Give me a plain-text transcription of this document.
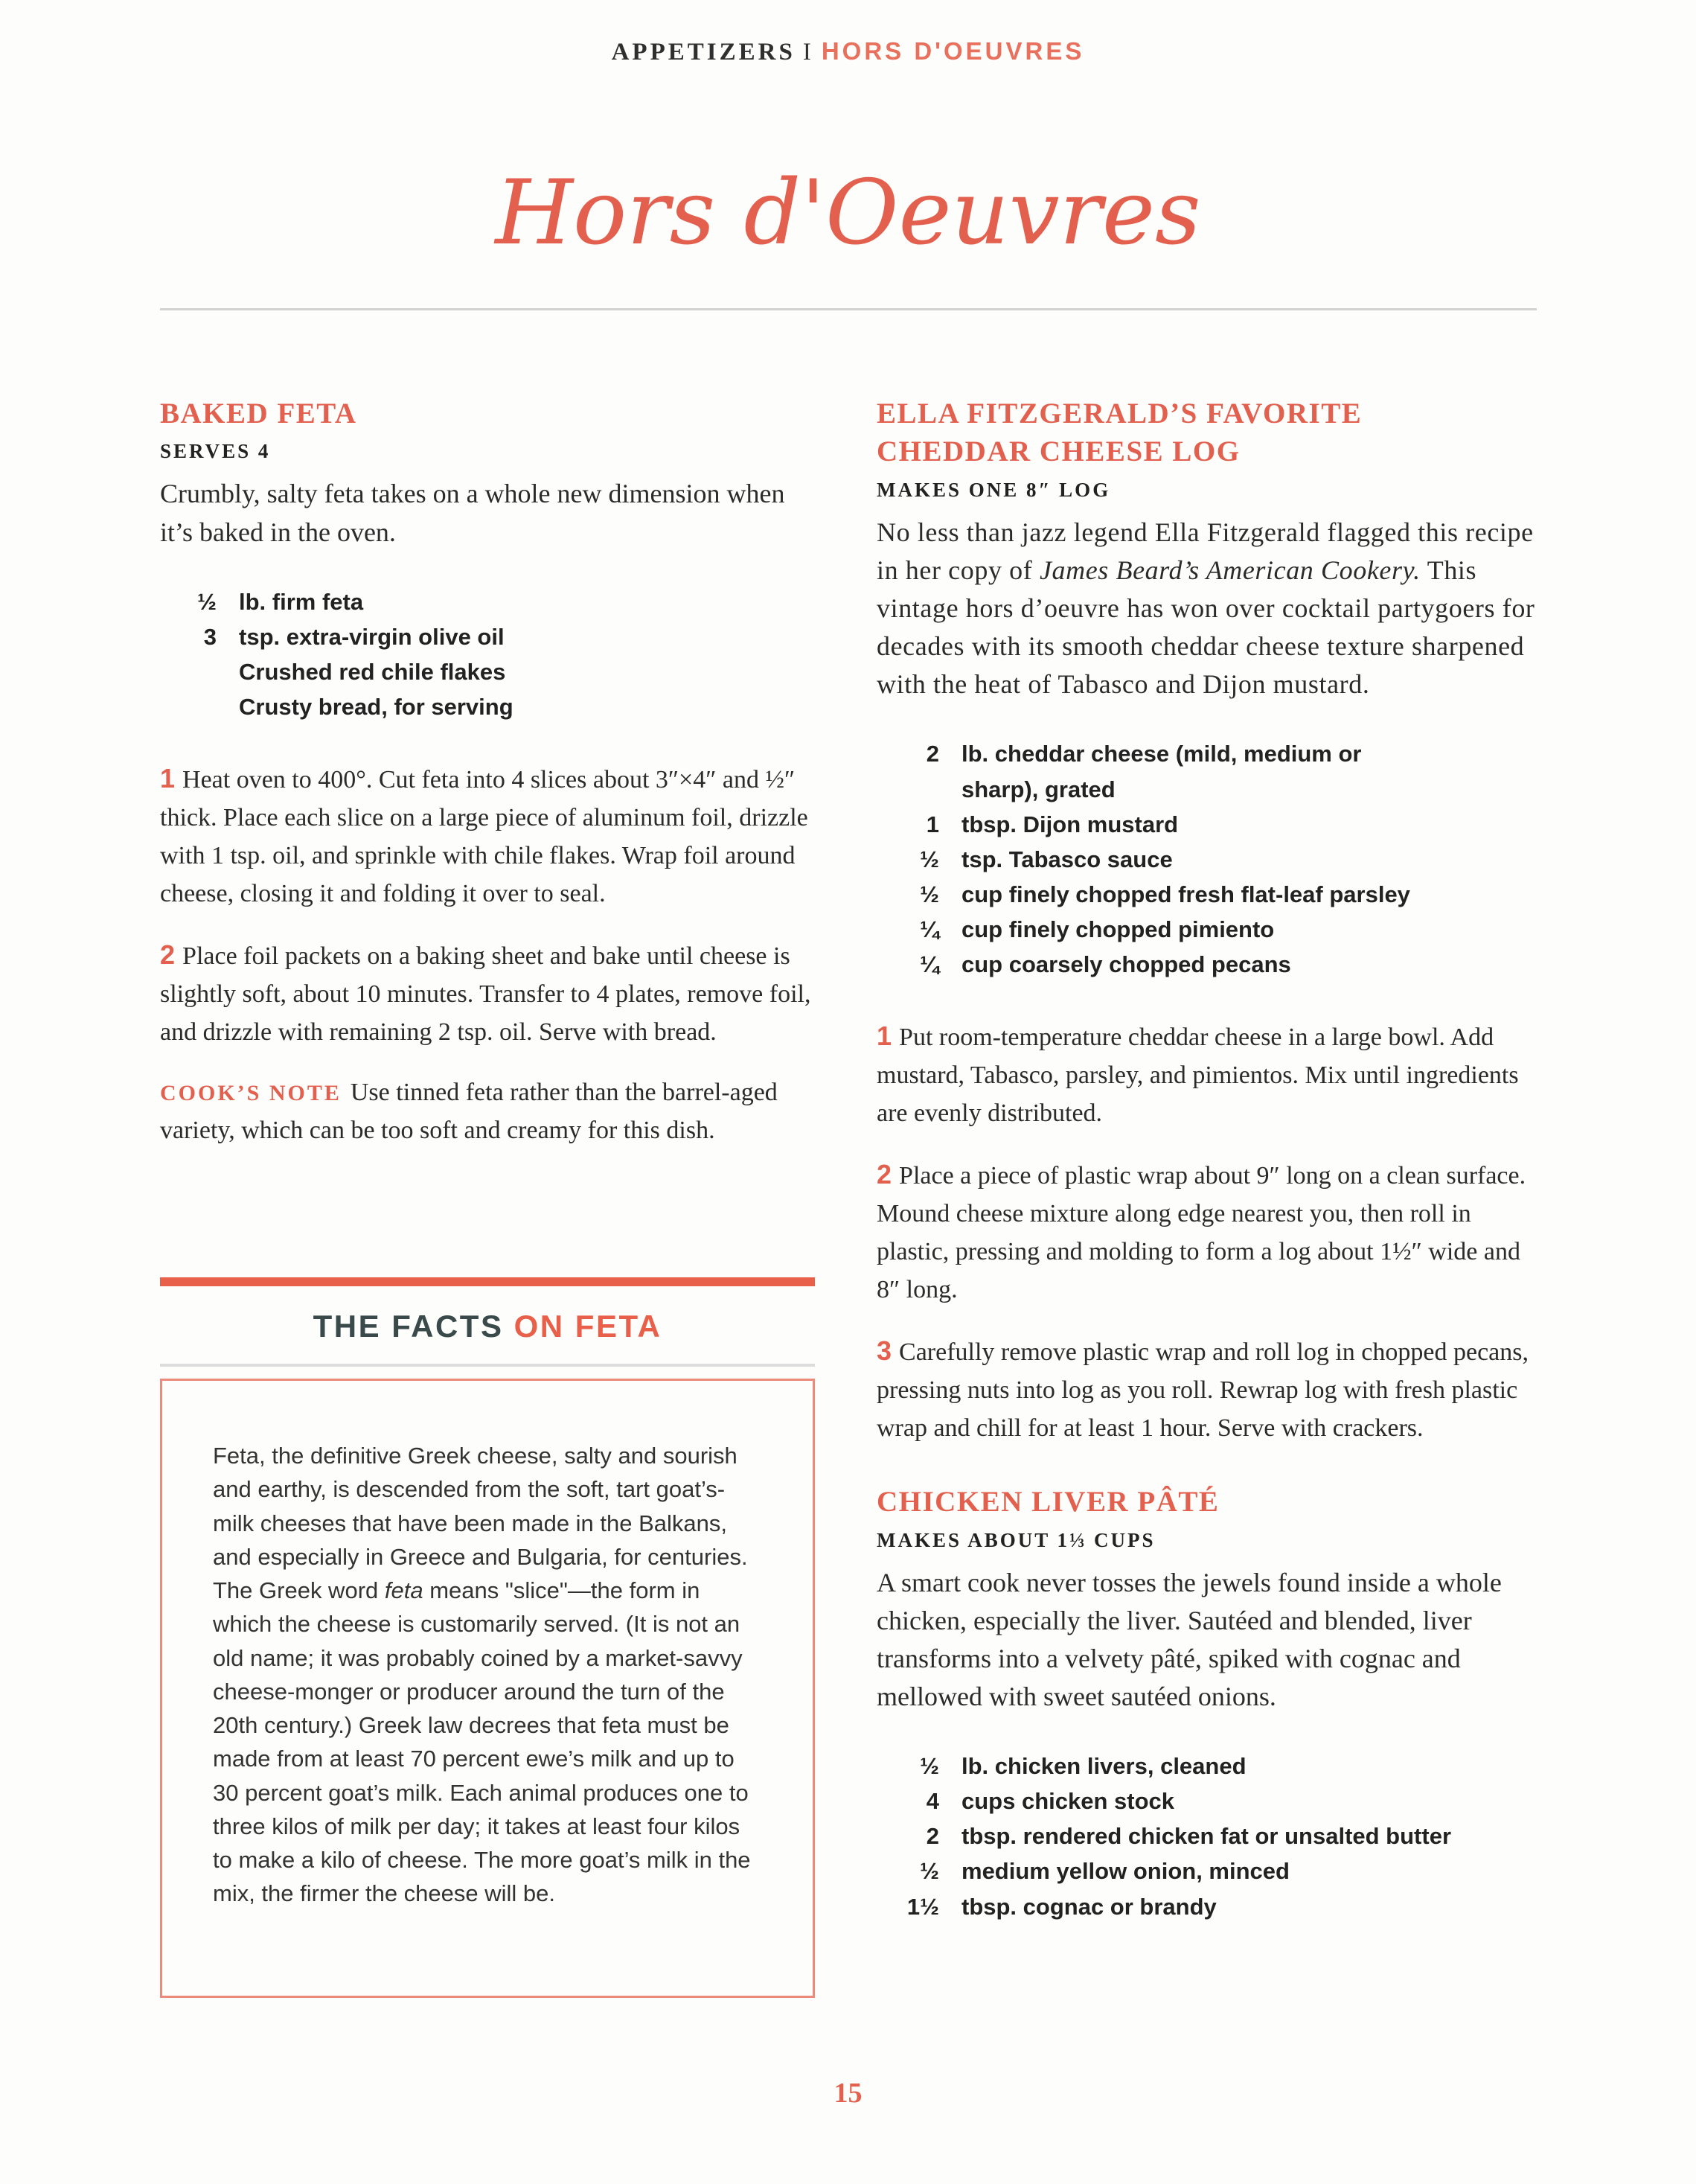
APPETIZERS I HORS D'OEUVRES
Hors d'Oeuvres
BAKED FETA
SERVES 4

Crumbly, salty feta takes on a whole new dimension when it’s baked in the oven.

½ lb. firm feta
3 tsp. extra-virgin olive oil
Crushed red chile flakes
Crusty bread, for serving

1 Heat oven to 400°. Cut feta into 4 slices about 3″×4″ and ½″ thick. Place each slice on a large piece of aluminum foil, drizzle with 1 tsp. oil, and sprinkle with chile flakes. Wrap foil around cheese, closing it and folding it over to seal.

2 Place foil packets on a baking sheet and bake until cheese is slightly soft, about 10 minutes. Transfer to 4 plates, remove foil, and drizzle with remaining 2 tsp. oil. Serve with bread.

COOK’S NOTE Use tinned feta rather than the barrel-aged variety, which can be too soft and creamy for this dish.

THE FACTS ON FETA
Feta, the definitive Greek cheese, salty and sourish and earthy, is descended from the soft, tart goat’s-milk cheeses that have been made in the Balkans, and especially in Greece and Bulgaria, for centuries. The Greek word feta means "slice"—the form in which the cheese is customarily served. (It is not an old name; it was probably coined by a market-savvy cheese-monger or producer around the turn of the 20th century.) Greek law decrees that feta must be made from at least 70 percent ewe’s milk and up to 30 percent goat’s milk. Each animal produces one to three kilos of milk per day; it takes at least four kilos to make a kilo of cheese. The more goat’s milk in the mix, the firmer the cheese will be.
ELLA FITZGERALD’S FAVORITE
CHEDDAR CHEESE LOG
MAKES ONE 8″ LOG

No less than jazz legend Ella Fitzgerald flagged this recipe in her copy of James Beard’s American Cookery. This vintage hors d’oeuvre has won over cocktail partygoers for decades with its smooth cheddar cheese texture sharpened with the heat of Tabasco and Dijon mustard.

2 lb. cheddar cheese (mild, medium or sharp), grated
1 tbsp. Dijon mustard
½ tsp. Tabasco sauce
½ cup finely chopped fresh flat-leaf parsley
¼ cup finely chopped pimiento
¼ cup coarsely chopped pecans

1 Put room-temperature cheddar cheese in a large bowl. Add mustard, Tabasco, parsley, and pimientos. Mix until ingredients are evenly distributed.

2 Place a piece of plastic wrap about 9″ long on a clean surface. Mound cheese mixture along edge nearest you, then roll in plastic, pressing and molding to form a log about 1½″ wide and 8″ long.

3 Carefully remove plastic wrap and roll log in chopped pecans, pressing nuts into log as you roll. Rewrap log with fresh plastic wrap and chill for at least 1 hour. Serve with crackers.

CHICKEN LIVER PÂTÉ
MAKES ABOUT 1⅓ CUPS

A smart cook never tosses the jewels found inside a whole chicken, especially the liver. Sautéed and blended, liver transforms into a velvety pâté, spiked with cognac and mellowed with sweet sautéed onions.

½ lb. chicken livers, cleaned
4 cups chicken stock
2 tbsp. rendered chicken fat or unsalted butter
½ medium yellow onion, minced
1½ tbsp. cognac or brandy
15
